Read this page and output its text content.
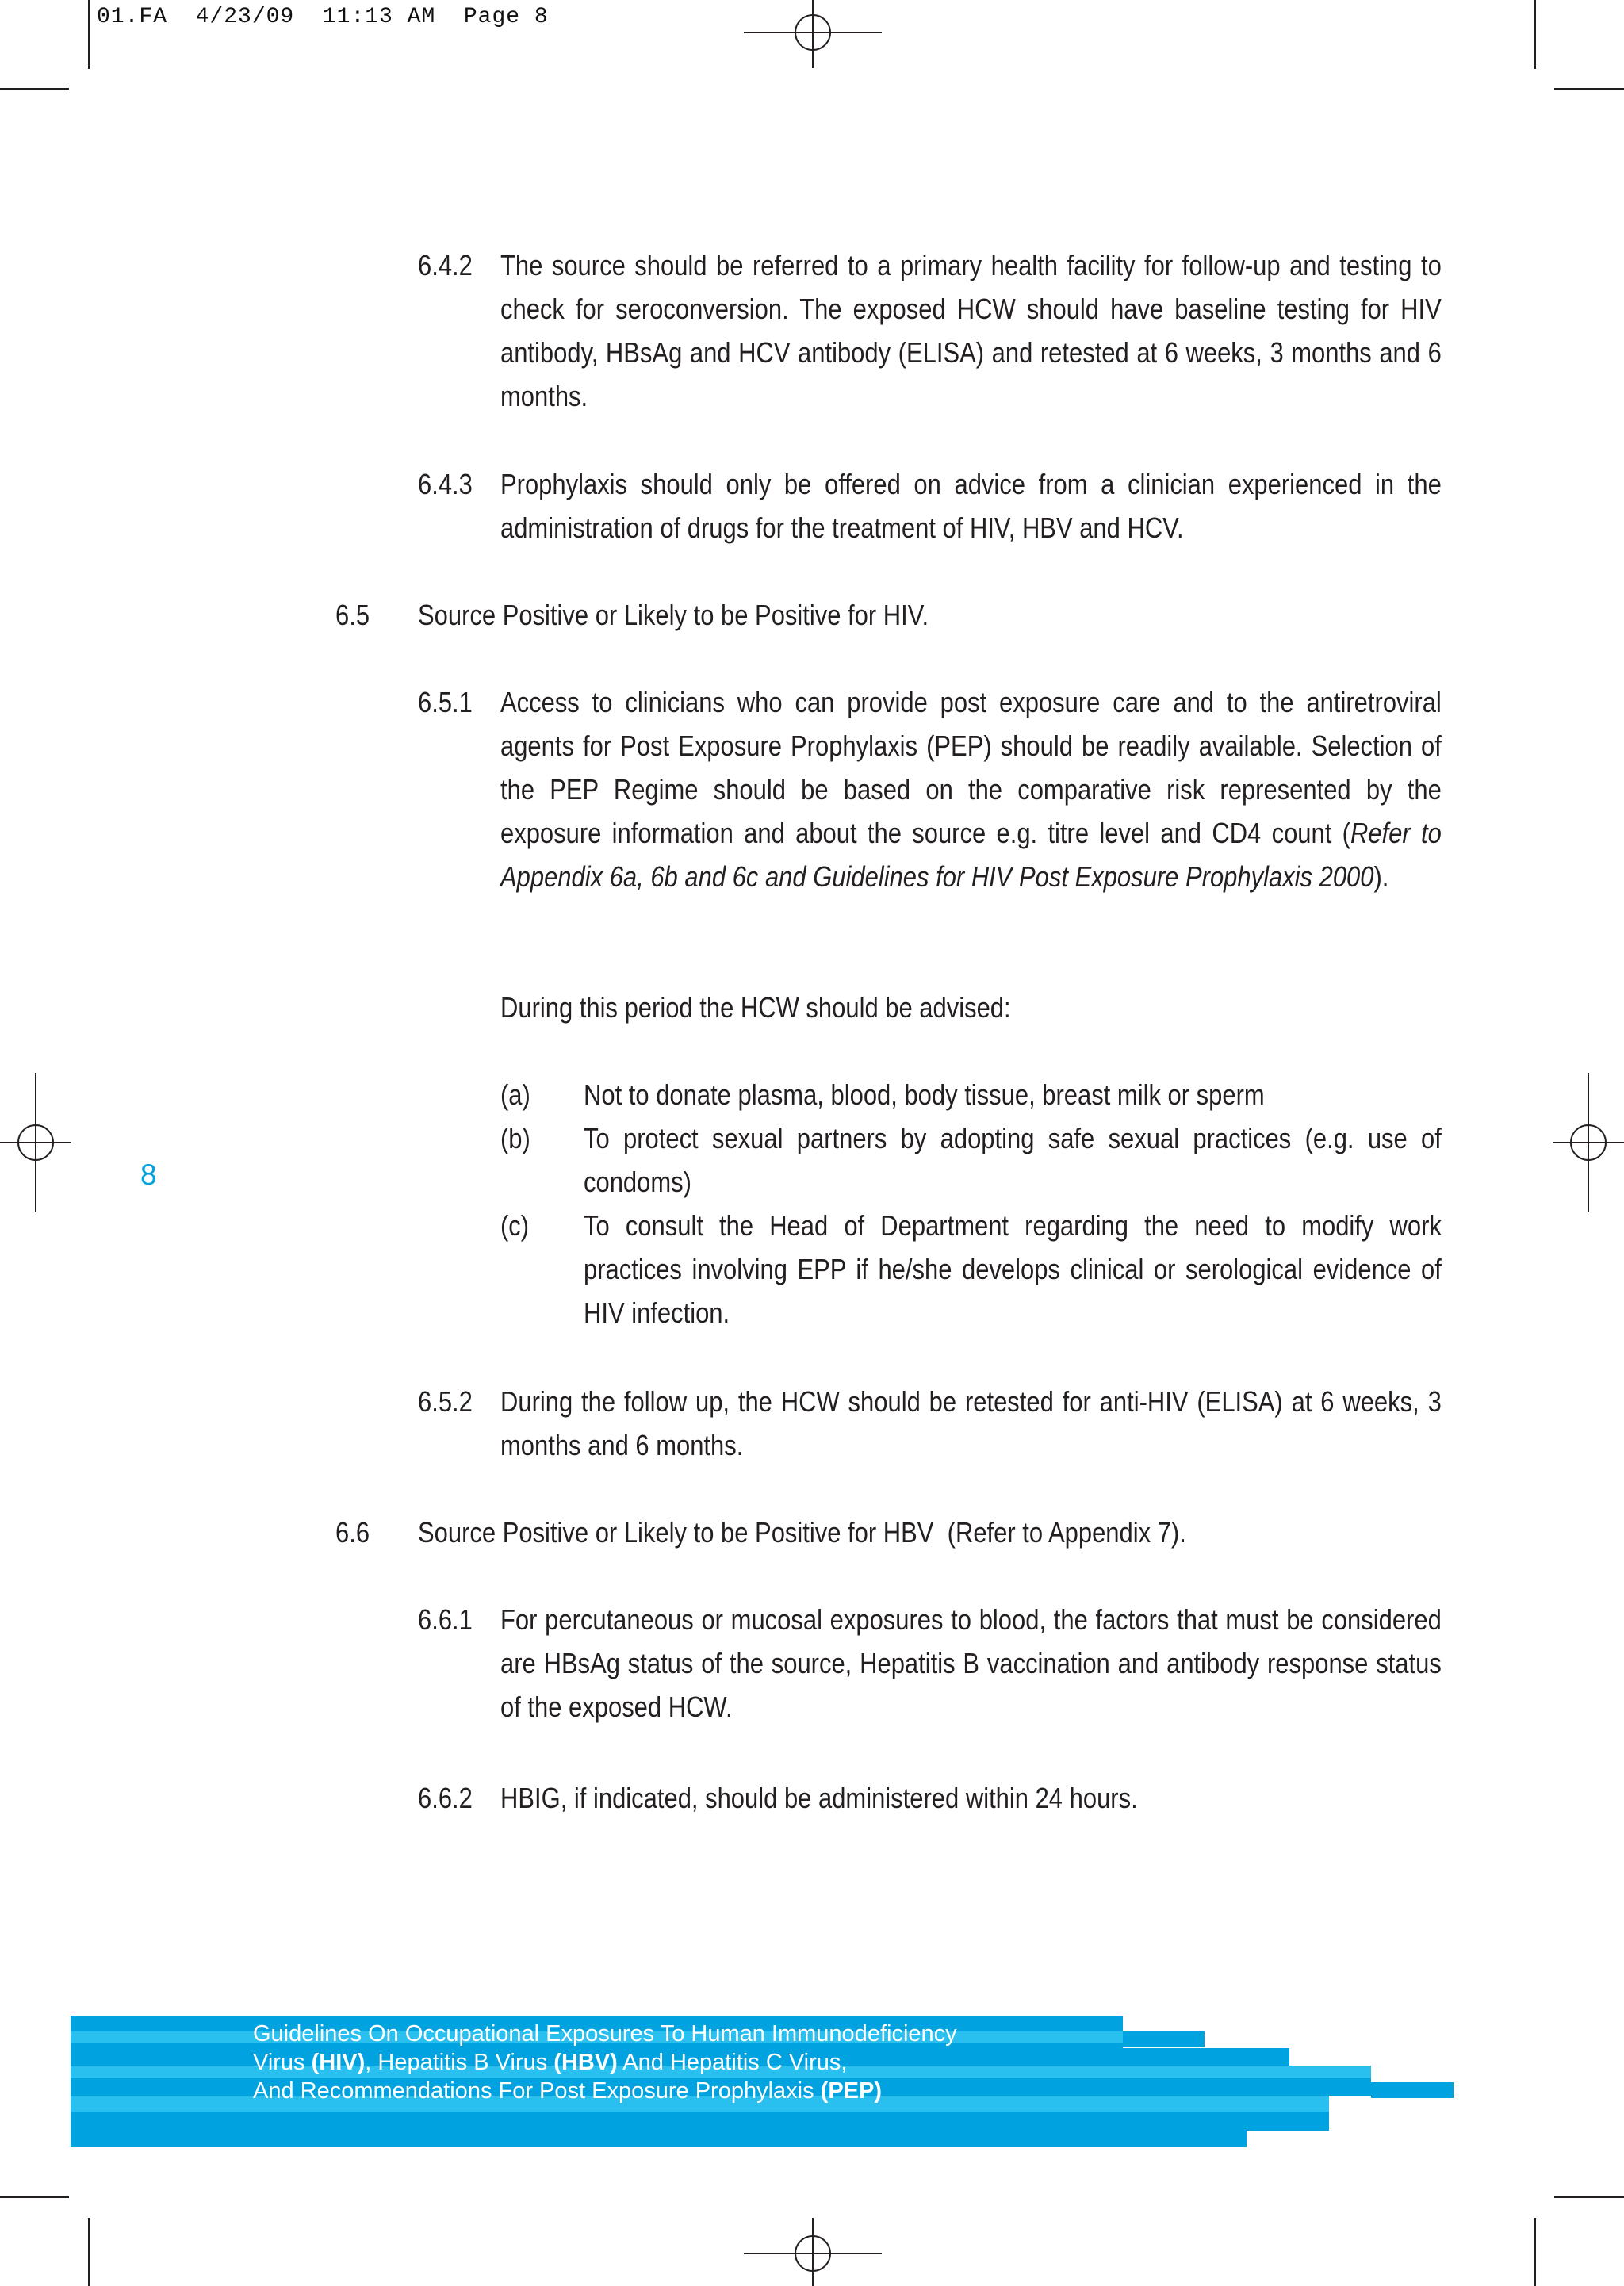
01.FA  4/23/09  11:13 AM  Page 8
6.4.2 The source should be referred to a primary health facility for follow-up and testing to check for seroconversion. The exposed HCW should have baseline testing for HIV antibody, HBsAg and HCV antibody (ELISA) and retested at 6 weeks, 3 months and 6 months.
6.4.3 Prophylaxis should only be offered on advice from a clinician experienced in the administration of drugs for the treatment of HIV, HBV and HCV.
6.5 Source Positive or Likely to be Positive for HIV.
6.5.1 Access to clinicians who can provide post exposure care and to the antiretroviral agents for Post Exposure Prophylaxis (PEP) should be readily available. Selection of the PEP Regime should be based on the comparative risk represented by the exposure information and about the source e.g. titre level and CD4 count (Refer to Appendix 6a, 6b and 6c and Guidelines for HIV Post Exposure Prophylaxis 2000).
During this period the HCW should be advised:
(a) Not to donate plasma, blood, body tissue, breast milk or sperm
(b) To protect sexual partners by adopting safe sexual practices (e.g. use of condoms)
(c) To consult the Head of Department regarding the need to modify work practices involving EPP if he/she develops clinical or serological evidence of HIV infection.
6.5.2 During the follow up, the HCW should be retested for anti-HIV (ELISA) at 6 weeks, 3 months and 6 months.
6.6 Source Positive or Likely to be Positive for HBV  (Refer to Appendix 7).
6.6.1 For percutaneous or mucosal exposures to blood, the factors that must be considered are HBsAg status of the source, Hepatitis B vaccination and antibody response status of the exposed HCW.
6.6.2 HBIG, if indicated, should be administered within 24 hours.
8
Guidelines On Occupational Exposures To Human Immunodeficiency
Virus (HIV), Hepatitis B Virus (HBV) And Hepatitis C Virus,
And Recommendations For Post Exposure Prophylaxis (PEP)
